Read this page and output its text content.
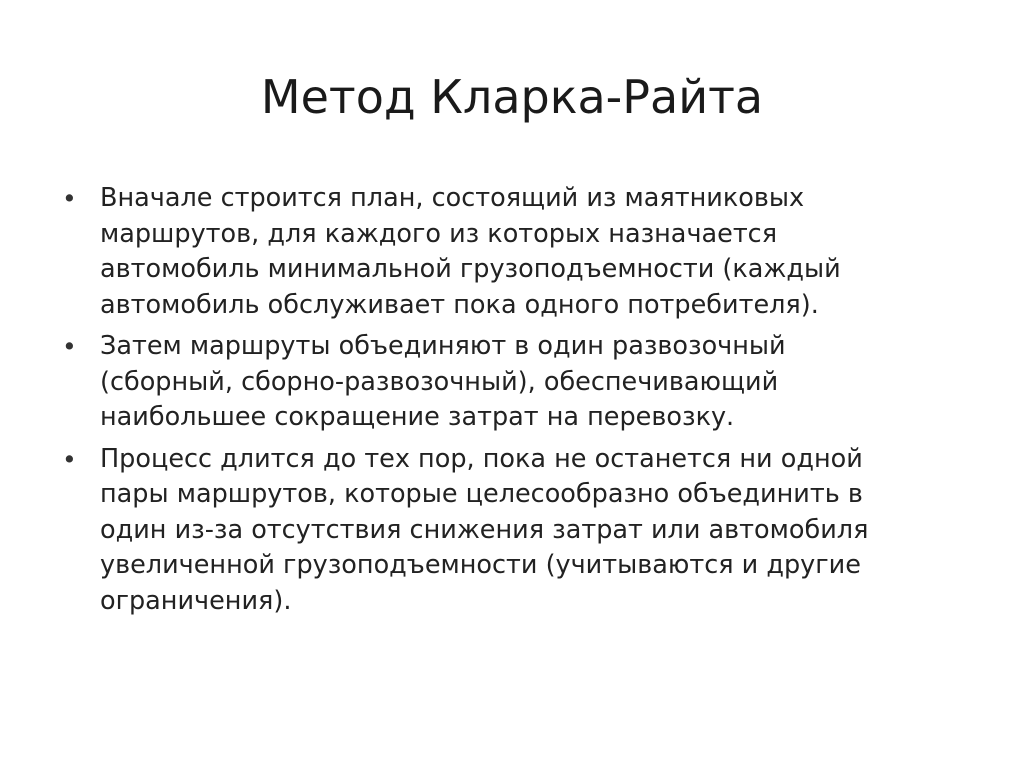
Метод Кларка-Райта
• Вначале строится план, состоящий из маятниковых
маршрутов, для каждого из которых назначается
автомобиль минимальной грузоподъемности (каждый
автомобиль обслуживает пока одного потребителя).
• Затем маршруты объединяют в один развозочный
(сборный, сборно-развозочный), обеспечивающий
наибольшее сокращение затрат на перевозку.
• Процесс длится до тех пор, пока не останется ни одной
пары маршрутов, которые целесообразно объединить в
один из-за отсутствия снижения затрат или автомобиля
увеличенной грузоподъемности (учитываются и другие
ограничения).
